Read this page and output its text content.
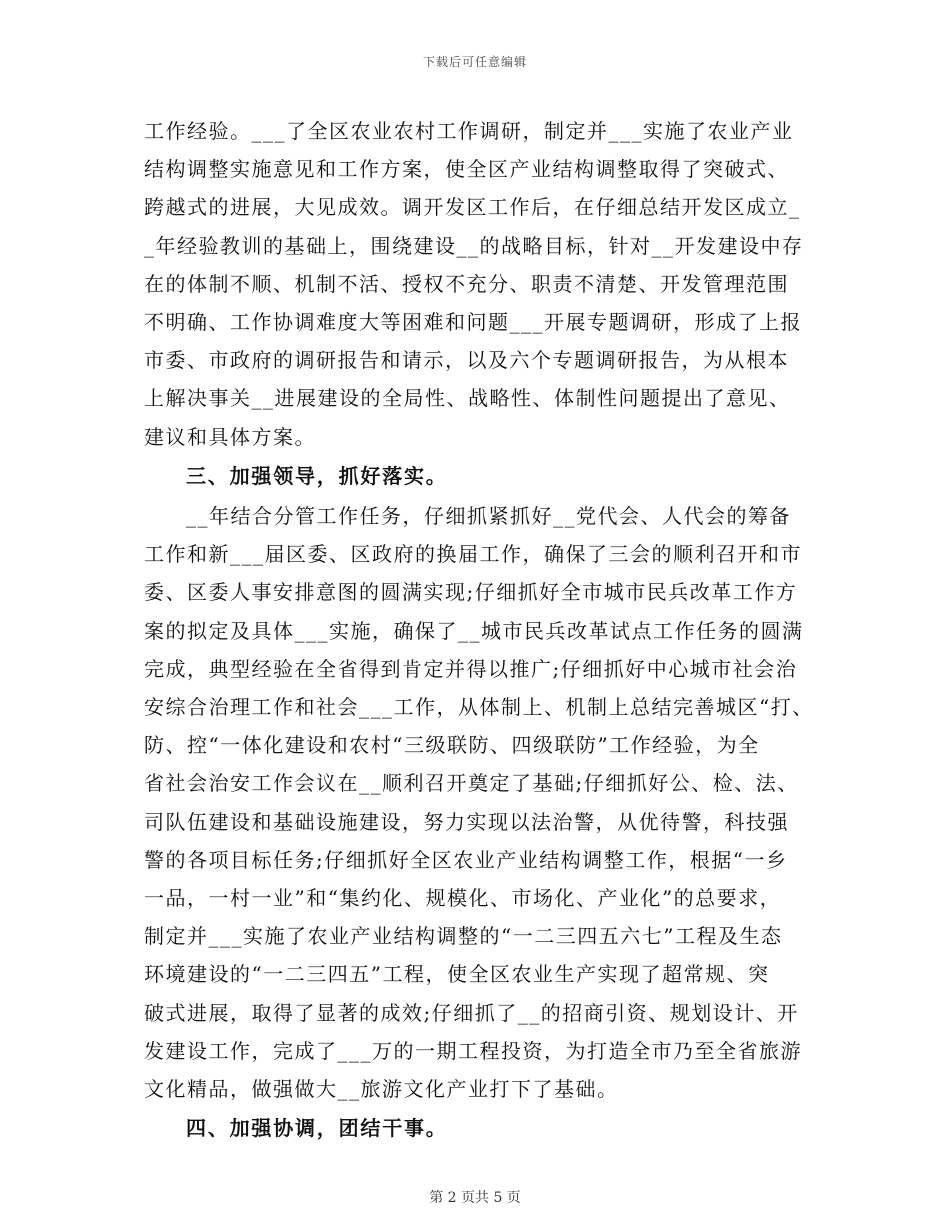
下载后可任意编辑
工作经验。___了全区农业农村工作调研，制定并___实施了农业产业
结构调整实施意见和工作方案，使全区产业结构调整取得了突破式、
跨越式的进展，大见成效。调开发区工作后，在仔细总结开发区成立_
_年经验教训的基础上，围绕建设__的战略目标，针对__开发建设中存
在的体制不顺、机制不活、授权不充分、职责不清楚、开发管理范围
不明确、工作协调难度大等困难和问题___开展专题调研，形成了上报
市委、市政府的调研报告和请示，以及六个专题调研报告，为从根本
上解决事关__进展建设的全局性、战略性、体制性问题提出了意见、
建议和具体方案。
三、加强领导，抓好落实。
__年结合分管工作任务，仔细抓紧抓好__党代会、人代会的筹备
工作和新___届区委、区政府的换届工作，确保了三会的顺利召开和市
委、区委人事安排意图的圆满实现;仔细抓好全市城市民兵改革工作方
案的拟定及具体___实施，确保了__城市民兵改革试点工作任务的圆满
完成，典型经验在全省得到肯定并得以推广;仔细抓好中心城市社会治
安综合治理工作和社会___工作，从体制上、机制上总结完善城区“打、
防、控“一体化建设和农村“三级联防、四级联防”工作经验，为全
省社会治安工作会议在__顺利召开奠定了基础;仔细抓好公、检、法、
司队伍建设和基础设施建设，努力实现以法治警，从优待警，科技强
警的各项目标任务;仔细抓好全区农业产业结构调整工作，根据“一乡
一品，一村一业”和“集约化、规模化、市场化、产业化”的总要求，
制定并___实施了农业产业结构调整的“一二三四五六七”工程及生态
环境建设的“一二三四五”工程，使全区农业生产实现了超常规、突
破式进展，取得了显著的成效;仔细抓了__的招商引资、规划设计、开
发建设工作，完成了___万的一期工程投资，为打造全市乃至全省旅游
文化精品，做强做大__旅游文化产业打下了基础。
四、加强协调，团结干事。
第 2 页共 5 页
